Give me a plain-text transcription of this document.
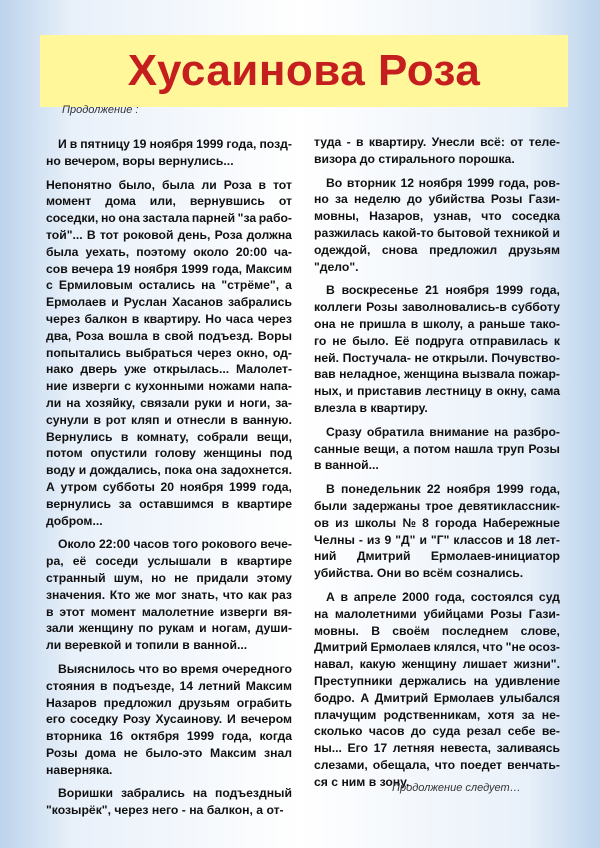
Хусаинова Роза
Продолжение :

И в пятницу 19 ноября 1999 года, позд-
но вечером, воры вернулись...

Непонятно было, была ли Роза в тот
момент дома или, вернувшись от
соседки, но она застала парней "за рабо-
той"... В тот роковой день, Роза должна
была уехать, поэтому около 20:00 ча-
сов вечера 19 ноября 1999 года, Максим
с Ермиловым остались на "стрёме", а
Ермолаев и Руслан Хасанов забрались
через балкон в квартиру. Но часа через
два, Роза вошла в свой подъезд. Воры
попытались выбраться через окно, од-
нако дверь уже открылась... Малолет-
ние изверги с кухонными ножами напа-
ли на хозяйку, связали руки и ноги, за-
сунули в рот кляп и отнесли в ванную.
Вернулись в комнату, собрали вещи,
потом опустили голову женщины под
воду и дождались, пока она задохнется.
А утром субботы 20 ноября 1999 года,
вернулись за оставшимся в квартире
добром...

Около 22:00 часов того рокового вече-
ра, её соседи услышали в квартире
странный шум, но не придали этому
значения. Кто же мог знать, что как раз
в этот момент малолетние изверги вя-
зали женщину по рукам и ногам, души-
ли веревкой и топили в ванной...

Выяснилось что во время очередного
стояния в подъезде, 14 летний Максим
Назаров предложил друзьям ограбить
его соседку Розу Хусаинову. И вечером
вторника 16 октября 1999 года, когда
Розы дома не было-это Максим знал
наверняка.

Воришки забрались на подъездный
"козырёк", через него - на балкон, а от-

туда - в квартиру. Унесли всё: от теле-
визора до стирального порошка.

Во вторник 12 ноября 1999 года, ров-
но за неделю до убийства Розы Гази-
мовны, Назаров, узнав, что соседка
разжилась какой-то бытовой техникой и
одеждой, снова предложил друзьям
"дело".

В воскресенье 21 ноября 1999 года,
коллеги Розы заволновались-в субботу
она не пришла в школу, а раньше тако-
го не было. Её подруга отправилась к
ней. Постучала- не открыли. Почувство-
вав неладное, женщина вызвала пожар-
ных, и приставив лестницу в окну, сама
влезла в квартиру.

Сразу обратила внимание на разбро-
санные вещи, а потом нашла труп Розы
в ванной...

В понедельник 22 ноября 1999 года,
были задержаны трое девятиклассник-
ов из школы № 8 города Набережные
Челны - из 9 "Д" и "Г" классов и 18 лет-
ний Дмитрий Ермолаев-инициатор
убийства. Они во всём сознались.

А в апреле 2000 года, состоялся суд
на малолетними убийцами Розы Гази-
мовны. В своём последнем слове,
Дмитрий Ермолаев клялся, что "не осоз-
навал, какую женщину лишает жизни".
Преступники держались на удивление
бодро. А Дмитрий Ермолаев улыбался
плачущим родственникам, хотя за не-
сколько часов до суда резал себе ве-
ны... Его 17 летняя невеста, заливаясь
слезами, обещала, что поедет венчать-
ся с ним в зону.

Продолжение следует…
